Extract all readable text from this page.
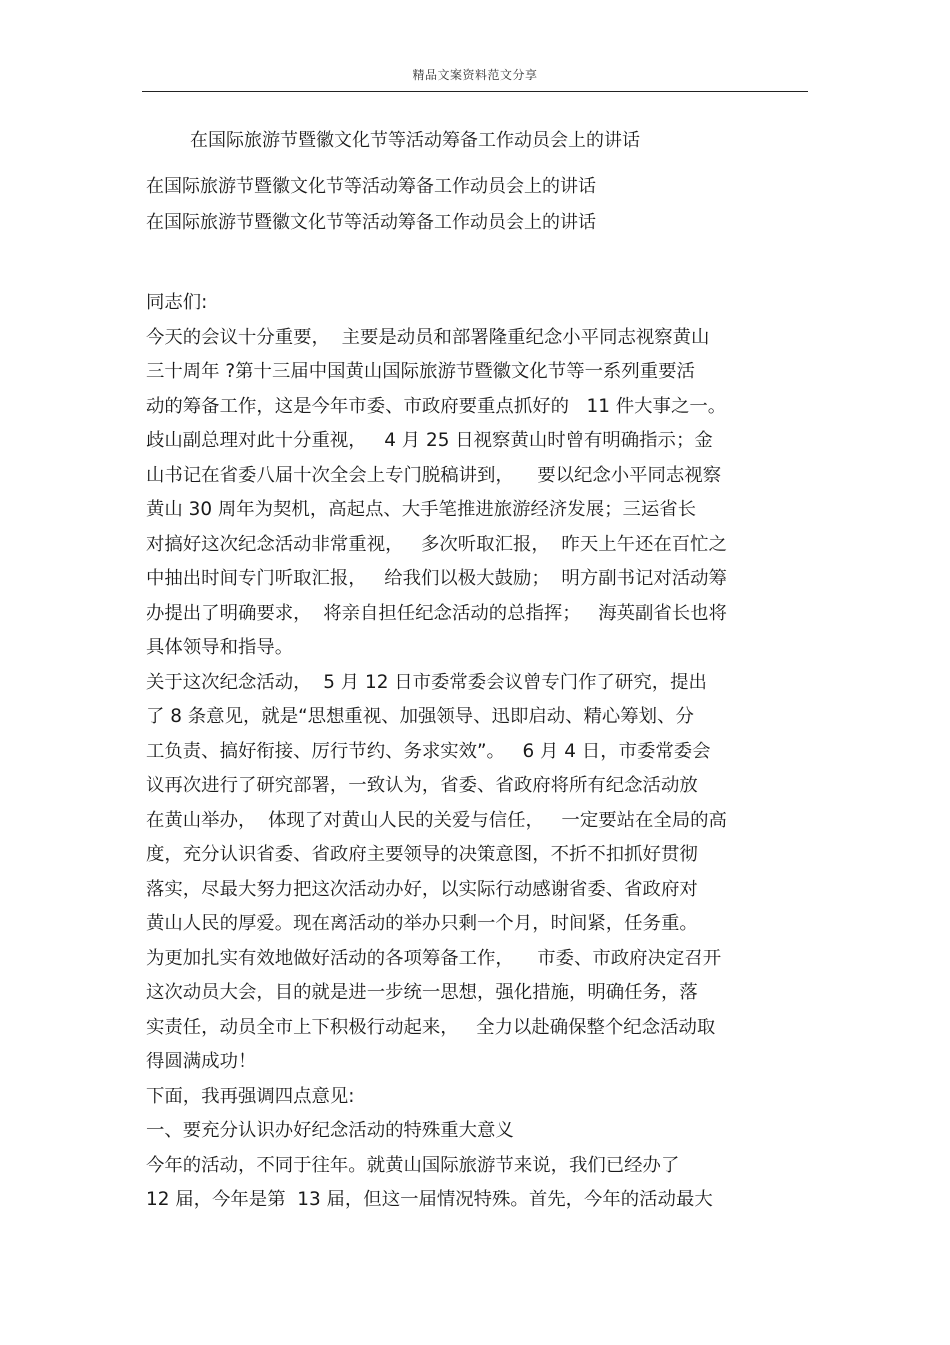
精品文案资料范文分享
在国际旅游节暨徽文化节等活动筹备工作动员会上的讲话
在国际旅游节暨徽文化节等活动筹备工作动员会上的讲话
在国际旅游节暨徽文化节等活动筹备工作动员会上的讲话
同志们:
今天的会议十分重要，  主要是动员和部署隆重纪念小平同志视察黄山
三十周年 ?第十三届中国黄山国际旅游节暨徽文化节等一系列重要活
动的筹备工作，这是今年市委、市政府要重点抓好的   11 件大事之一。
歧山副总理对此十分重视，   4 月 25 日视察黄山时曾有明确指示；金
山书记在省委八届十次全会上专门脱稿讲到，    要以纪念小平同志视察
黄山 30 周年为契机，高起点、大手笔推进旅游经济发展；三运省长
对搞好这次纪念活动非常重视，   多次听取汇报，  昨天上午还在百忙之
中抽出时间专门听取汇报，   给我们以极大鼓励；  明方副书记对活动筹
办提出了明确要求，  将亲自担任纪念活动的总指挥；   海英副省长也将
具体领导和指导。
关于这次纪念活动，  5 月 12 日市委常委会议曾专门作了研究，提出
了 8 条意见，就是“思想重视、加强领导、迅即启动、精心筹划、分
工负责、搞好衔接、厉行节约、务求实效”。   6 月 4 日，市委常委会
议再次进行了研究部署，一致认为，省委、省政府将所有纪念活动放
在黄山举办，  体现了对黄山人民的关爱与信任，   一定要站在全局的高
度，充分认识省委、省政府主要领导的决策意图，不折不扣抓好贯彻
落实，尽最大努力把这次活动办好，以实际行动感谢省委、省政府对
黄山人民的厚爱。现在离活动的举办只剩一个月，时间紧，任务重。
为更加扎实有效地做好活动的各项筹备工作，    市委、市政府决定召开
这次动员大会，目的就是进一步统一思想，强化措施，明确任务，落
实责任，动员全市上下积极行动起来，   全力以赴确保整个纪念活动取
得圆满成功！
下面，我再强调四点意见:
一、要充分认识办好纪念活动的特殊重大意义
今年的活动，不同于往年。就黄山国际旅游节来说，我们已经办了
12 届，今年是第  13 届，但这一届情况特殊。首先，今年的活动最大
